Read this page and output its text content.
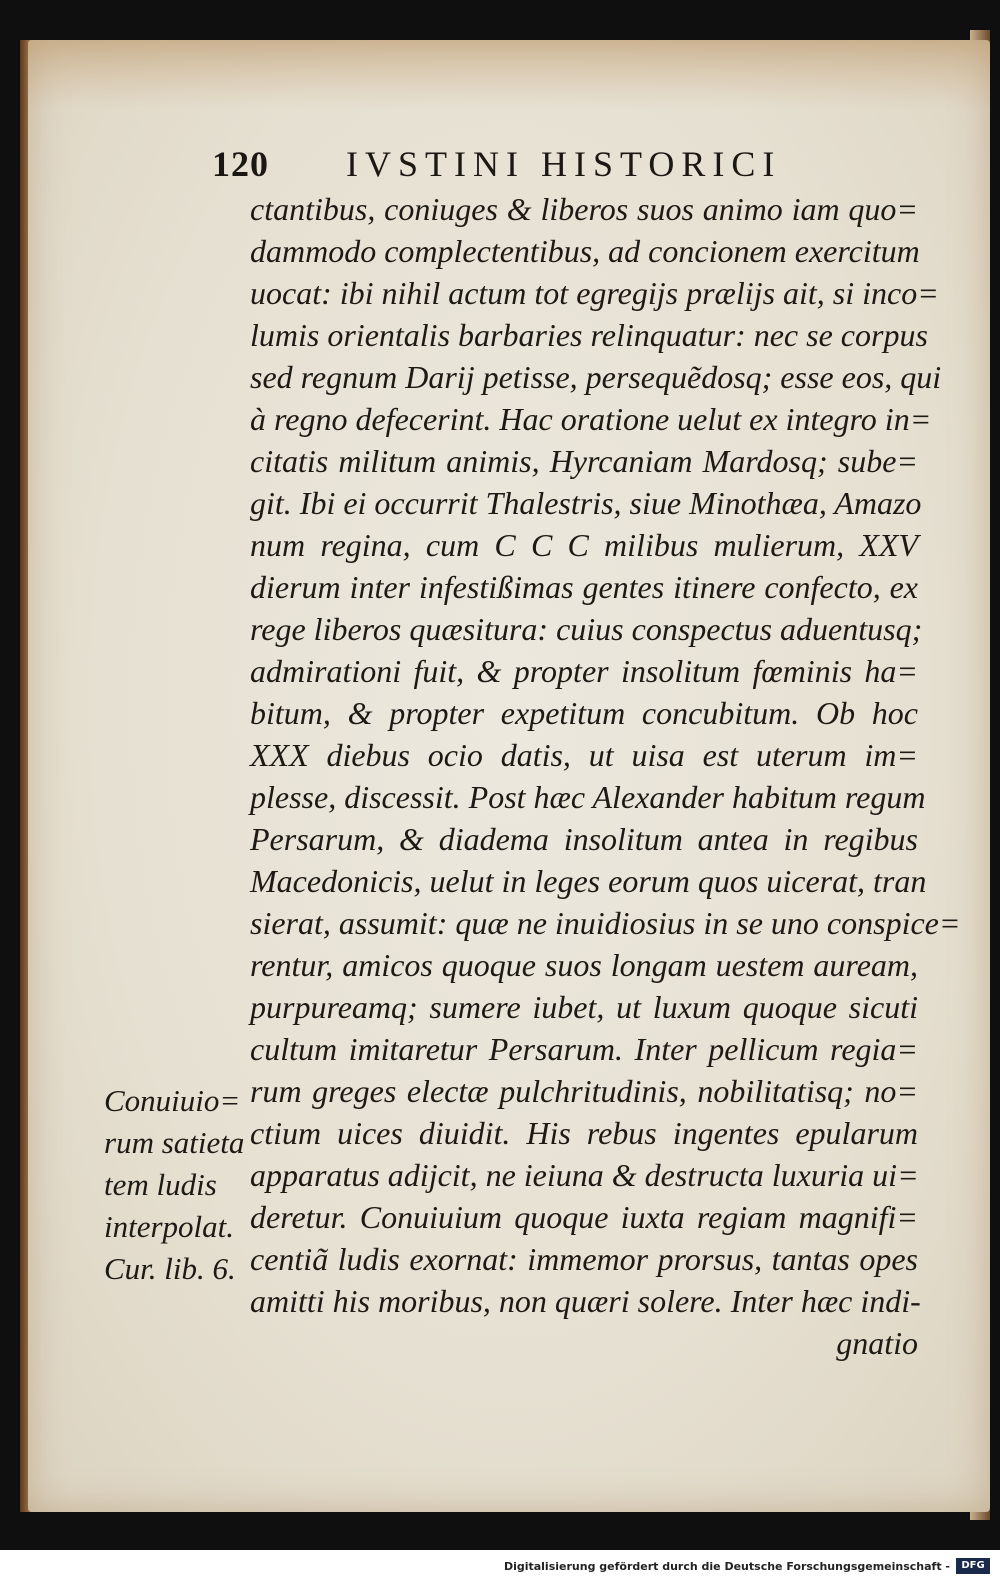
120 IVSTINI HISTORICI
ctantibus, coniuges & liberos suos animo iam quo=
dammodo complectentibus, ad concionem exercitum
uocat: ibi nihil actum tot egregijs prælijs ait, si inco=
lumis orientalis barbaries relinquatur: nec se corpus
sed regnum Darij petisse, persequẽdosq; esse eos, qui
à regno defecerint. Hac oratione uelut ex integro in=
citatis militum animis, Hyrcaniam Mardosq; sube=
git. Ibi ei occurrit Thalestris, siue Minothæa, Amazo
num regina, cum C C C milibus mulierum, XXV
dierum inter infestißimas gentes itinere confecto, ex
rege liberos quæsitura: cuius conspectus aduentusq;
admirationi fuit, & propter insolitum fœminis ha=
bitum, & propter expetitum concubitum. Ob hoc
XXX diebus ocio datis, ut uisa est uterum im=
plesse, discessit. Post hæc Alexander habitum regum
Persarum, & diadema insolitum antea in regibus
Macedonicis, uelut in leges eorum quos uicerat, tran
sierat, assumit: quæ ne inuidiosius in se uno conspice=
rentur, amicos quoque suos longam uestem auream,
purpureamq; sumere iubet, ut luxum quoque sicuti
cultum imitaretur Persarum. Inter pellicum regia=
rum greges electæ pulchritudinis, nobilitatisq; no=
ctium uices diuidit. His rebus ingentes epularum
apparatus adijcit, ne ieiuna & destructa luxuria ui=
deretur. Conuiuium quoque iuxta regiam magnifi=
centiã ludis exornat: immemor prorsus, tantas opes
amitti his moribus, non quæri solere. Inter hæc indi-
gnatio
Conuiuio=
rum satieta
tem ludis
interpolat.
Cur. lib. 6.
Digitalisierung gefördert durch die Deutsche Forschungsgemeinschaft -	DFG
